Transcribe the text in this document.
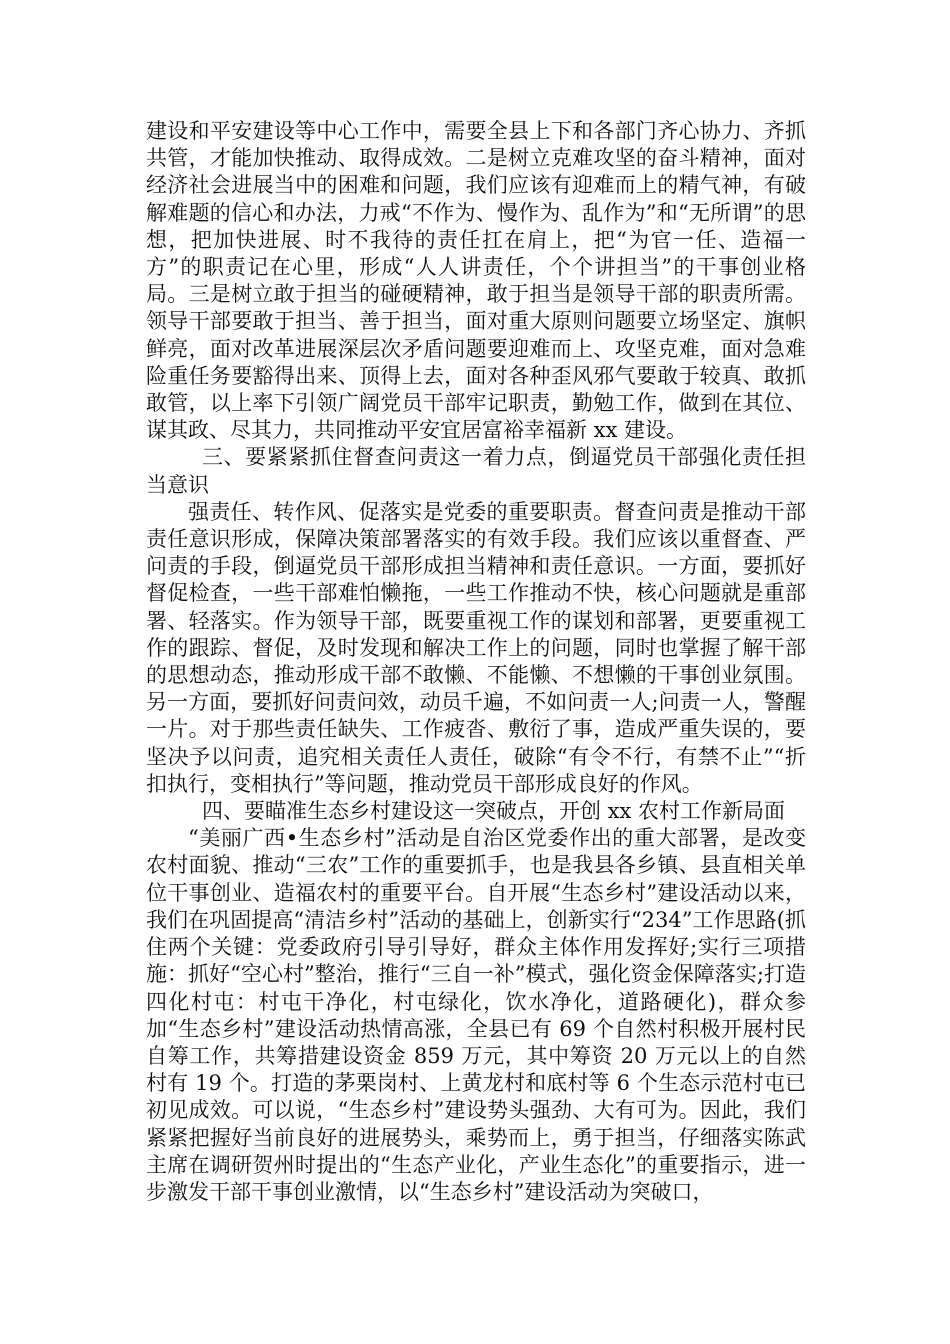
建设和平安建设等中心工作中，需要全县上下和各部门齐心协力、齐抓共管，才能加快推动、取得成效。二是树立克难攻坚的奋斗精神，面对经济社会进展当中的困难和问题，我们应该有迎难而上的精气神，有破解难题的信心和办法，力戒“不作为、慢作为、乱作为”和“无所谓”的思想，把加快进展、时不我待的责任扛在肩上，把“为官一任、造福一方”的职责记在心里，形成“人人讲责任，个个讲担当”的干事创业格局。三是树立敢于担当的碰硬精神，敢于担当是领导干部的职责所需。领导干部要敢于担当、善于担当，面对重大原则问题要立场坚定、旗帜鲜亮，面对改革进展深层次矛盾问题要迎难而上、攻坚克难，面对急难险重任务要豁得出来、顶得上去，面对各种歪风邪气要敢于较真、敢抓敢管，以上率下引领广阔党员干部牢记职责，勤勉工作，做到在其位、谋其政、尽其力，共同推动平安宜居富裕幸福新 xx 建设。

三、要紧紧抓住督查问责这一着力点，倒逼党员干部强化责任担当意识

强责任、转作风、促落实是党委的重要职责。督查问责是推动干部责任意识形成，保障决策部署落实的有效手段。我们应该以重督查、严问责的手段，倒逼党员干部形成担当精神和责任意识。一方面，要抓好督促检查，一些干部难怕懒拖，一些工作推动不快，核心问题就是重部署、轻落实。作为领导干部，既要重视工作的谋划和部署，更要重视工作的跟踪、督促，及时发现和解决工作上的问题，同时也掌握了解干部的思想动态，推动形成干部不敢懒、不能懒、不想懒的干事创业氛围。另一方面，要抓好问责问效，动员千遍，不如问责一人;问责一人，警醒一片。对于那些责任缺失、工作疲沓、敷衍了事，造成严重失误的，要坚决予以问责，追究相关责任人责任，破除“有令不行，有禁不止”“折扣执行，变相执行”等问题，推动党员干部形成良好的作风。

四、要瞄准生态乡村建设这一突破点，开创 xx 农村工作新局面

“美丽广西•生态乡村”活动是自治区党委作出的重大部署，是改变农村面貌、推动“三农”工作的重要抓手，也是我县各乡镇、县直相关单位干事创业、造福农村的重要平台。自开展“生态乡村”建设活动以来，我们在巩固提高“清洁乡村”活动的基础上，创新实行“234”工作思路(抓住两个关键：党委政府引导引导好，群众主体作用发挥好;实行三项措施：抓好“空心村”整治，推行“三自一补”模式，强化资金保障落实;打造四化村屯：村屯干净化，村屯绿化，饮水净化，道路硬化)，群众参加“生态乡村”建设活动热情高涨，全县已有 69 个自然村积极开展村民自筹工作，共筹措建设资金 859 万元，其中筹资 20 万元以上的自然村有 19 个。打造的茅栗岗村、上黄龙村和底村等 6 个生态示范村屯已初见成效。可以说，“生态乡村”建设势头强劲、大有可为。因此，我们紧紧把握好当前良好的进展势头，乘势而上，勇于担当，仔细落实陈武主席在调研贺州时提出的“生态产业化，产业生态化”的重要指示，进一步激发干部干事创业激情，以“生态乡村”建设活动为突破口，
